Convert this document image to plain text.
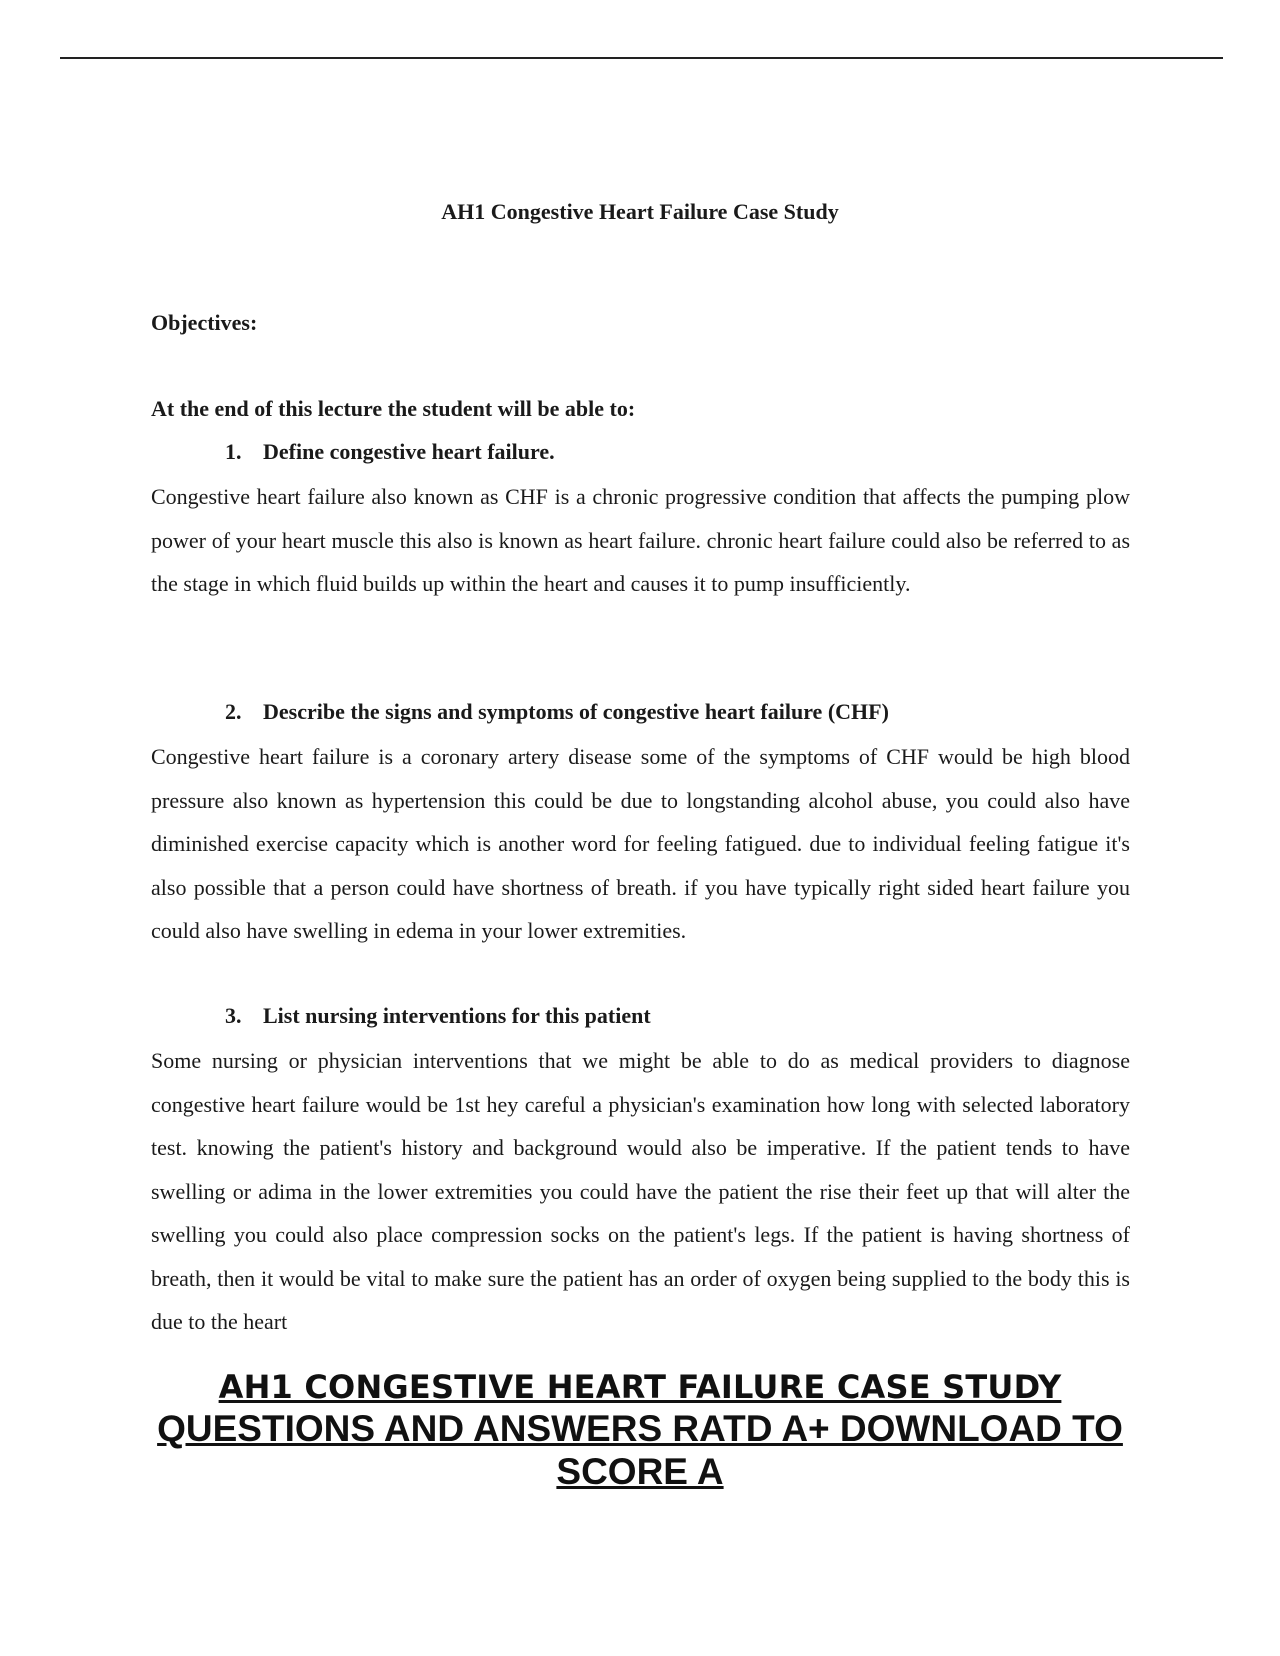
AH1 Congestive Heart Failure Case Study
Objectives:
At the end of this lecture the student will be able to:
1. Define congestive heart failure.
Congestive heart failure also known as CHF is a chronic progressive condition that affects the pumping plow power of your heart muscle this also is known as heart failure. chronic heart failure could also be referred to as the stage in which fluid builds up within the heart and causes it to pump insufficiently.
2. Describe the signs and symptoms of congestive heart failure (CHF)
Congestive heart failure is a coronary artery disease some of the symptoms of CHF would be high blood pressure also known as hypertension this could be due to longstanding alcohol abuse, you could also have diminished exercise capacity which is another word for feeling fatigued. due to individual feeling fatigue it's also possible that a person could have shortness of breath. if you have typically right sided heart failure you could also have swelling in edema in your lower extremities.
3. List nursing interventions for this patient
Some nursing or physician interventions that we might be able to do as medical providers to diagnose congestive heart failure would be 1st hey careful a physician's examination how long with selected laboratory test. knowing the patient's history and background would also be imperative. If the patient tends to have swelling or adima in the lower extremities you could have the patient the rise their feet up that will alter the swelling you could also place compression socks on the patient's legs. If the patient is having shortness of breath, then it would be vital to make sure the patient has an order of oxygen being supplied to the body this is due to the heart
AH1 CONGESTIVE HEART FAILURE CASE STUDY
QUESTIONS AND ANSWERS RATD A+ DOWNLOAD TO
SCORE A
